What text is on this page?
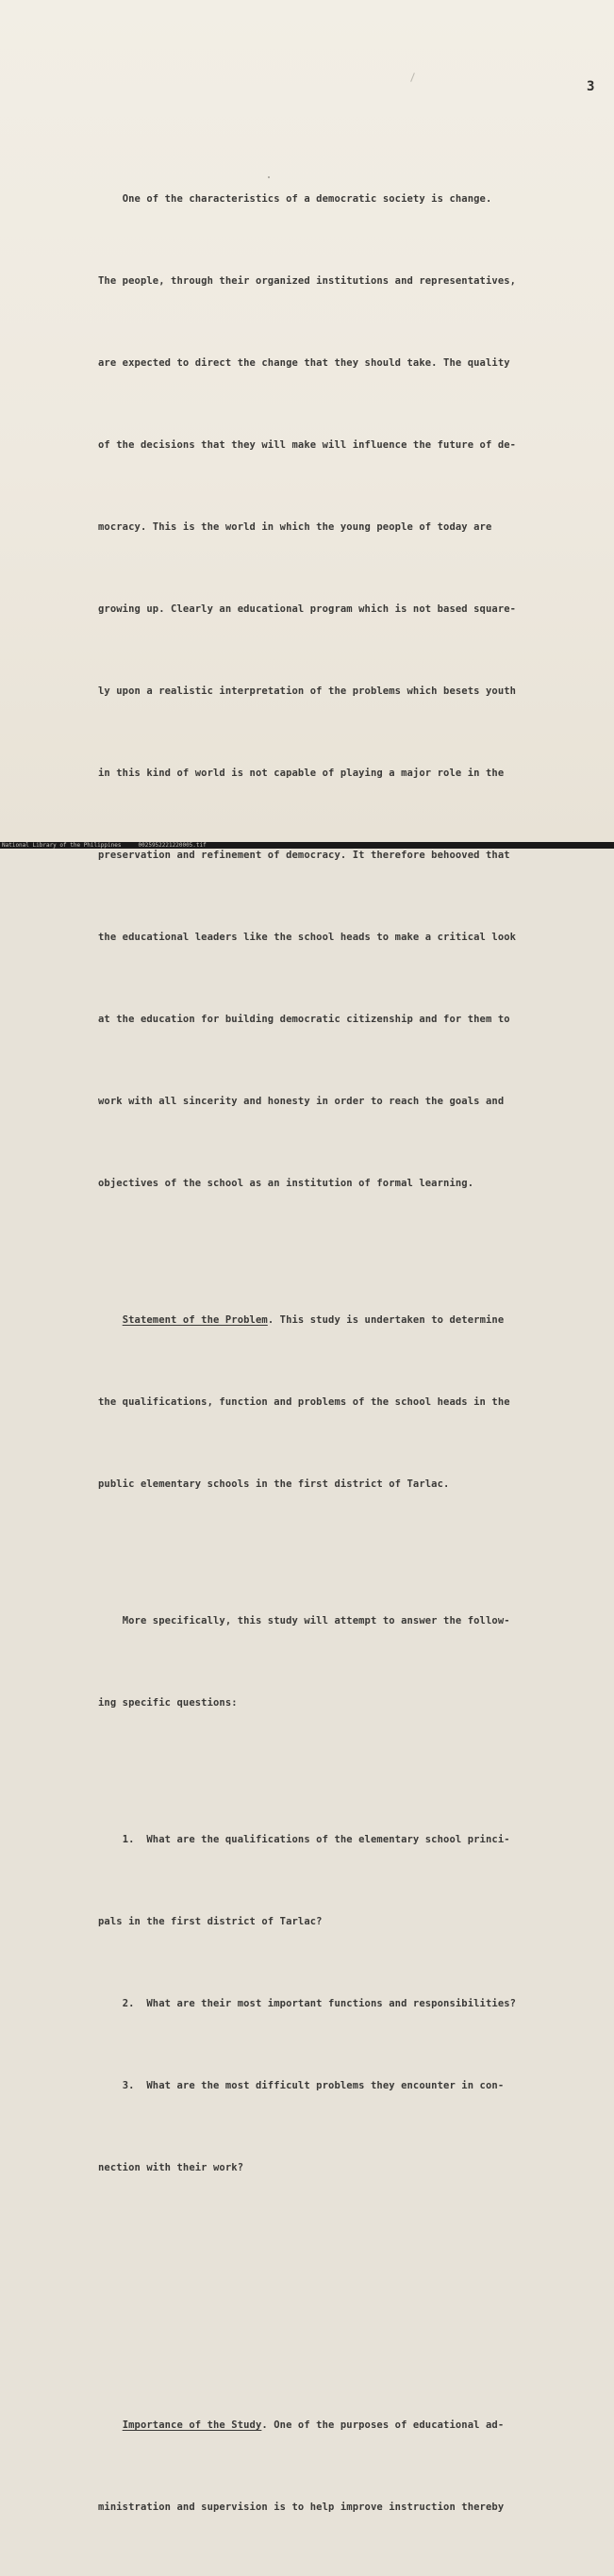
3

One of the characteristics of a democratic society is change.

The people, through their organized institutions and representatives,

are expected to direct the change that they should take. The quality

of the decisions that they will make will influence the future of de-

mocracy. This is the world in which the young people of today are

growing up. Clearly an educational program which is not based square-

ly upon a realistic interpretation of the problems which besets youth

in this kind of world is not capable of playing a major role in the

preservation and refinement of democracy. It therefore behooved that

the educational leaders like the school heads to make a critical look

at the education for building democratic citizenship and for them to

work with all sincerity and honesty in order to reach the goals and

objectives of the school as an institution of formal learning.

Statement of the Problem. This study is undertaken to determine

the qualifications, function and problems of the school heads in the

public elementary schools in the first district of Tarlac.

More specifically, this study will attempt to answer the follow-

ing specific questions:

1.  What are the qualifications of the elementary school princi-

pals in the first district of Tarlac?

2.  What are their most important functions and responsibilities?

3.  What are the most difficult problems they encounter in con-

nection with their work?

Importance of the Study. One of the purposes of educational ad-

ministration and supervision is to help improve instruction thereby

National Library of the Philippines     0025952221220005.tif
